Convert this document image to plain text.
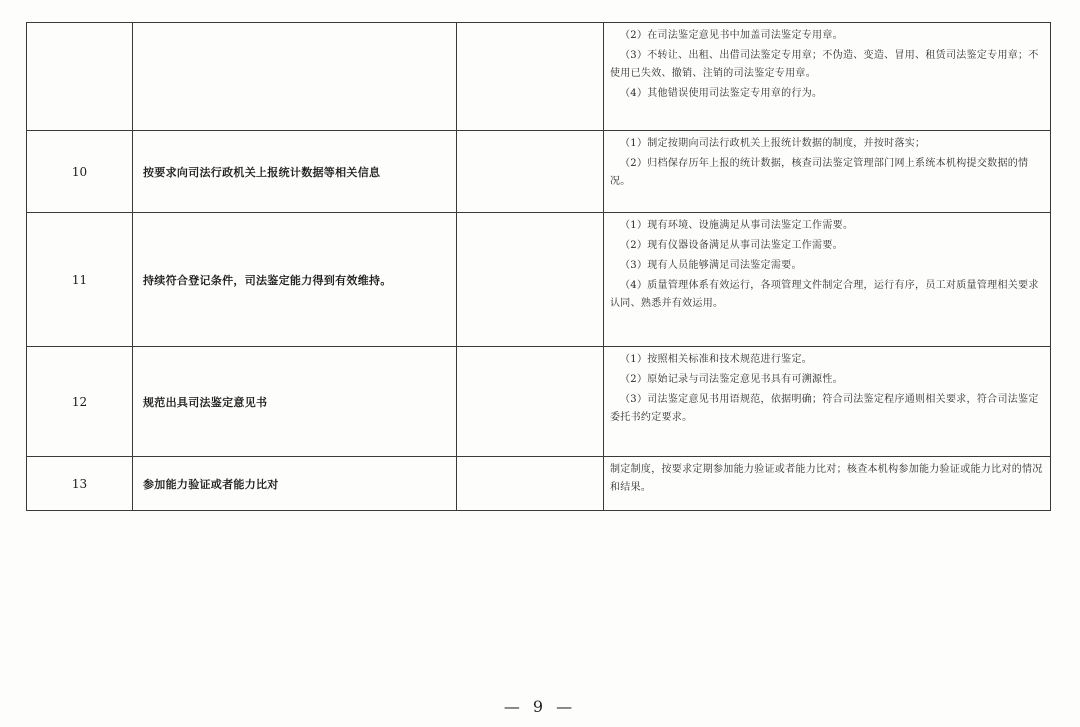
			（2）在司法鉴定意见书中加盖司法鉴定专用章。

（3）不转让、出租、出借司法鉴定专用章；不伪造、变造、冒用、租赁司法鉴定专用章；不使用已失效、撤销、注销的司法鉴定专用章。

（4）其他错误使用司法鉴定专用章的行为。

10	按要求向司法行政机关上报统计数据等相关信息		（1）制定按期向司法行政机关上报统计数据的制度，并按时落实；

（2）归档保存历年上报的统计数据，核查司法鉴定管理部门网上系统本机构提交数据的情况。

11	持续符合登记条件，司法鉴定能力得到有效维持。		（1）现有环境、设施满足从事司法鉴定工作需要。

（2）现有仪器设备满足从事司法鉴定工作需要。

（3）现有人员能够满足司法鉴定需要。

（4）质量管理体系有效运行，各项管理文件制定合理，运行有序，员工对质量管理相关要求认同、熟悉并有效运用。

12	规范出具司法鉴定意见书		（1）按照相关标准和技术规范进行鉴定。

（2）原始记录与司法鉴定意见书具有可溯源性。

（3）司法鉴定意见书用语规范，依据明确；符合司法鉴定程序通则相关要求，符合司法鉴定委托书约定要求。

13	参加能力验证或者能力比对		制定制度，按要求定期参加能力验证或者能力比对；核查本机构参加能力验证或能力比对的情况和结果。

— 9 —
